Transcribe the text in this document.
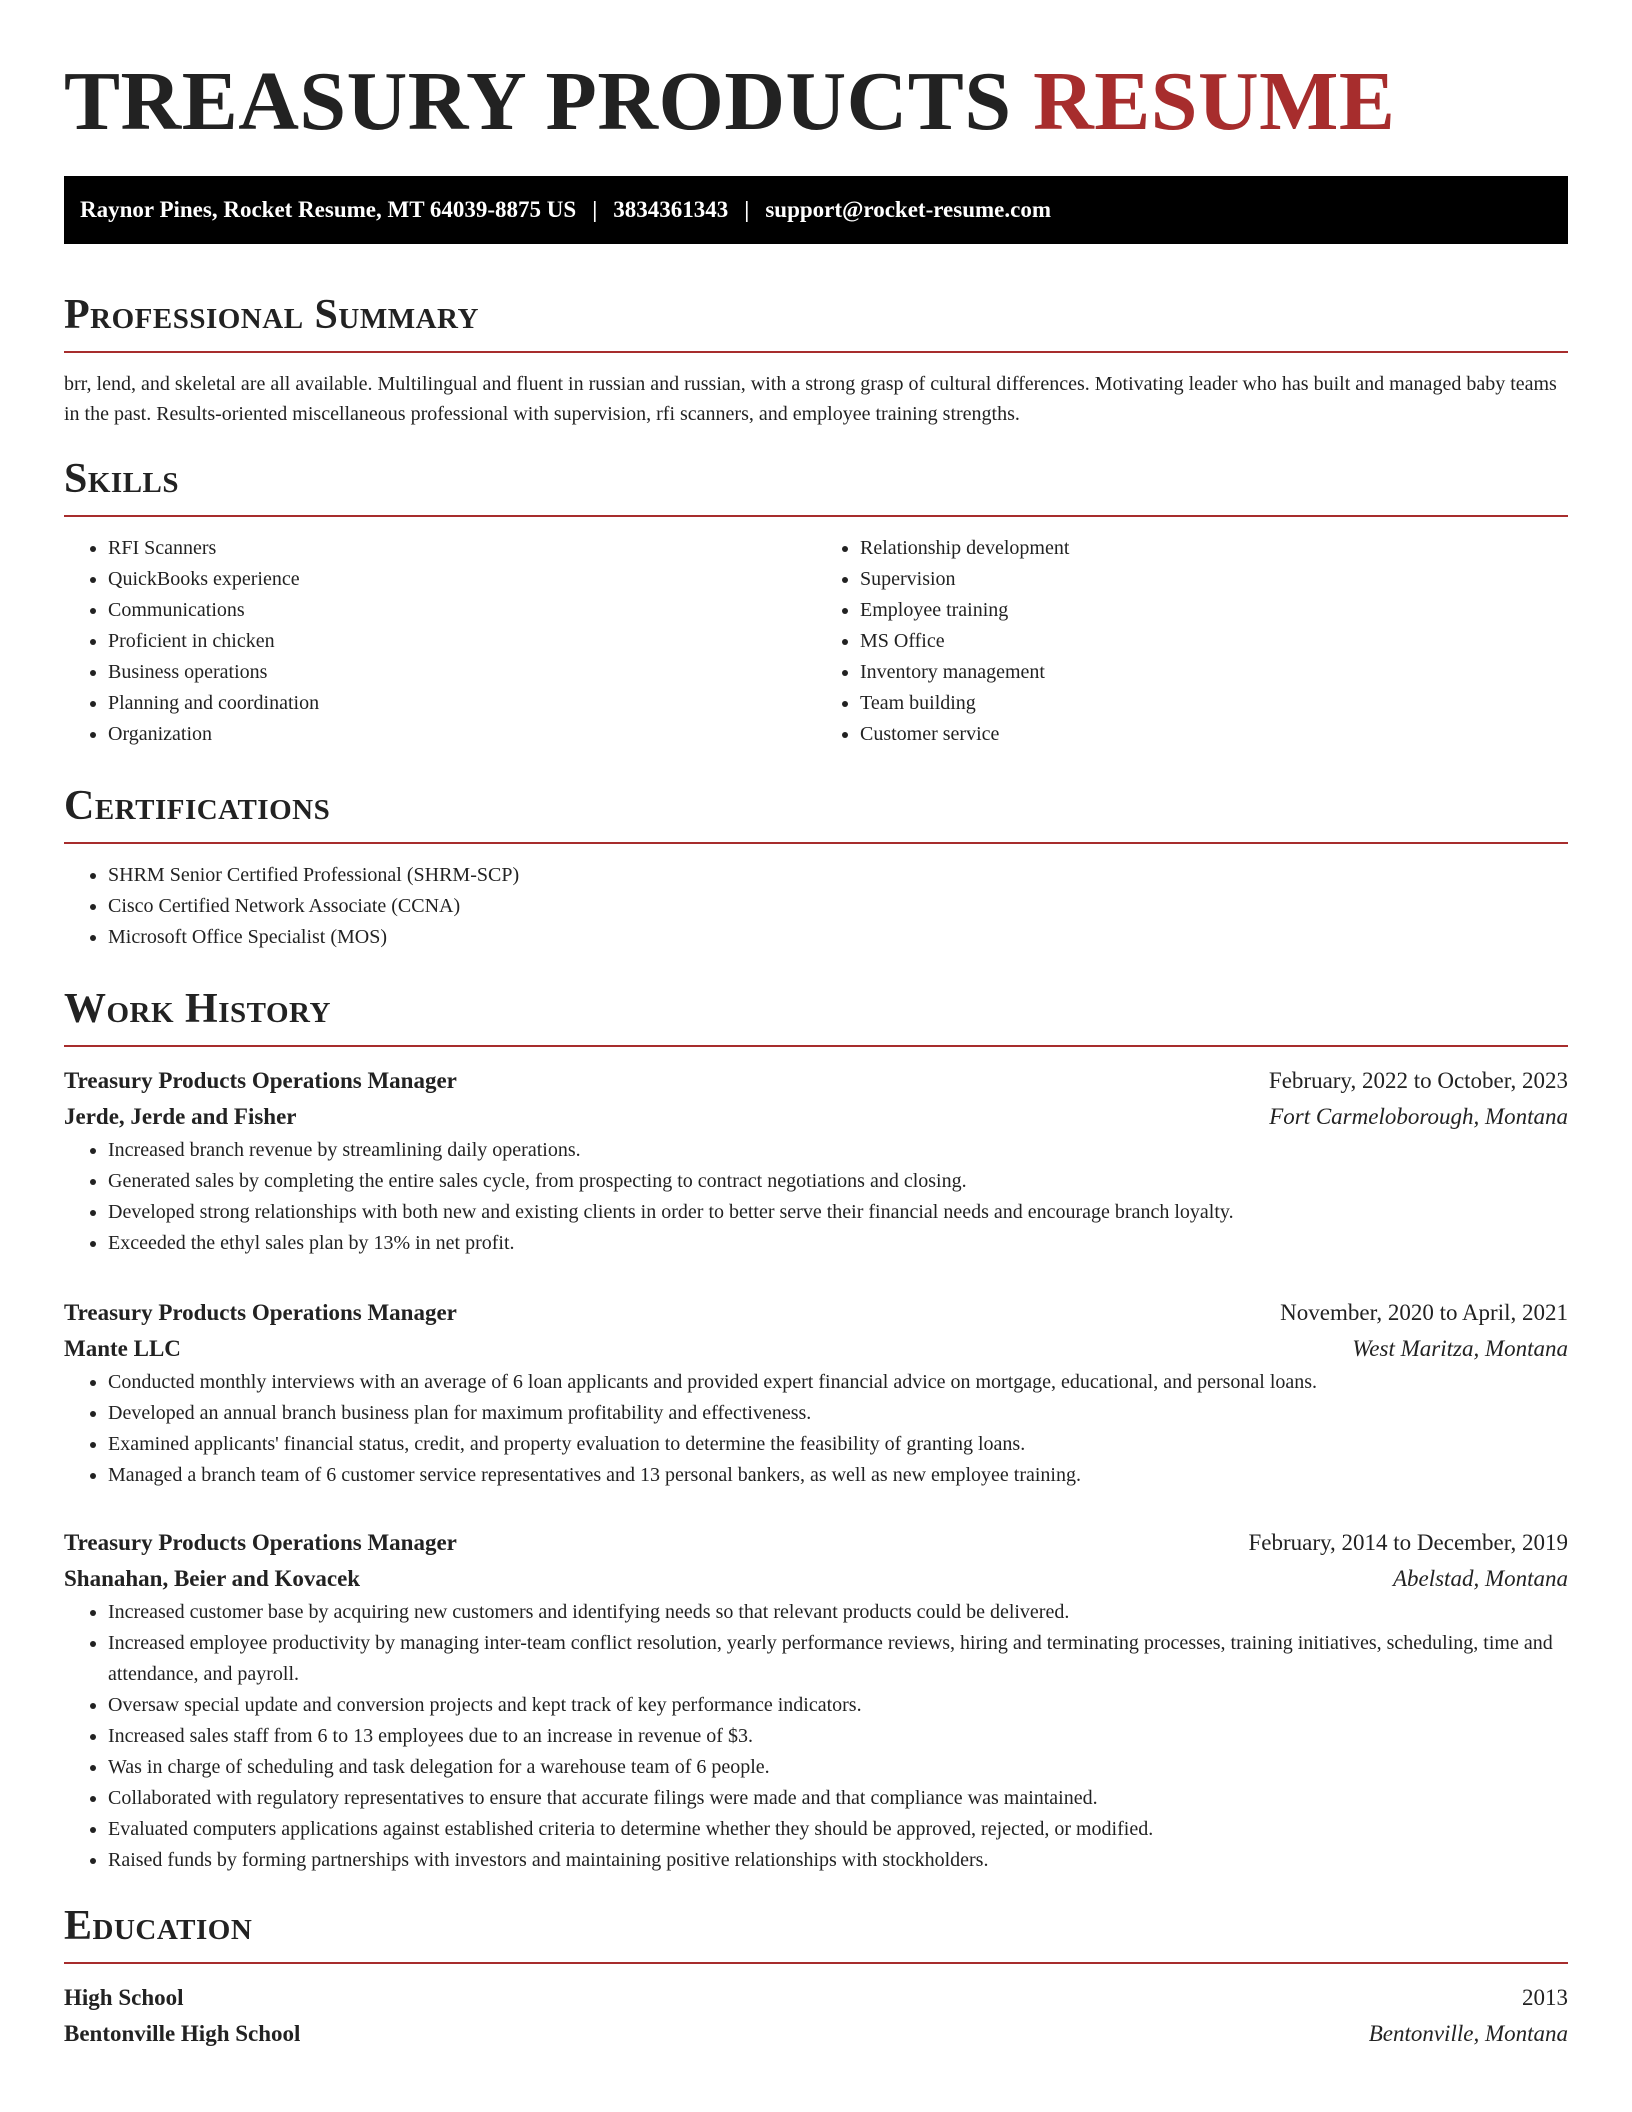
TREASURY PRODUCTS RESUME
Raynor Pines, Rocket Resume, MT 64039-8875 US | 3834361343 | support@rocket-resume.com
Professional Summary

brr, lend, and skeletal are all available. Multilingual and fluent in russian and russian, with a strong grasp of cultural differences. Motivating leader who has built and managed baby teams in the past. Results-oriented miscellaneous professional with supervision, rfi scanners, and employee training strengths.

Skills
• RFI Scanners
• QuickBooks experience
• Communications
• Proficient in chicken
• Business operations
• Planning and coordination
• Organization
• Relationship development
• Supervision
• Employee training
• MS Office
• Inventory management
• Team building
• Customer service
Certifications
• SHRM Senior Certified Professional (SHRM-SCP)
• Cisco Certified Network Associate (CCNA)
• Microsoft Office Specialist (MOS)
Work History
Treasury Products Operations Manager	February, 2022 to October, 2023
Jerde, Jerde and Fisher	Fort Carmeloborough, Montana
• Increased branch revenue by streamlining daily operations.
• Generated sales by completing the entire sales cycle, from prospecting to contract negotiations and closing.
• Developed strong relationships with both new and existing clients in order to better serve their financial needs and encourage branch loyalty.
• Exceeded the ethyl sales plan by 13% in net profit.
Treasury Products Operations Manager	November, 2020 to April, 2021
Mante LLC	West Maritza, Montana
• Conducted monthly interviews with an average of 6 loan applicants and provided expert financial advice on mortgage, educational, and personal loans.
• Developed an annual branch business plan for maximum profitability and effectiveness.
• Examined applicants' financial status, credit, and property evaluation to determine the feasibility of granting loans.
• Managed a branch team of 6 customer service representatives and 13 personal bankers, as well as new employee training.
Treasury Products Operations Manager	February, 2014 to December, 2019
Shanahan, Beier and Kovacek	Abelstad, Montana
• Increased customer base by acquiring new customers and identifying needs so that relevant products could be delivered.
• Increased employee productivity by managing inter-team conflict resolution, yearly performance reviews, hiring and terminating processes, training initiatives, scheduling, time and attendance, and payroll.
• Oversaw special update and conversion projects and kept track of key performance indicators.
• Increased sales staff from 6 to 13 employees due to an increase in revenue of $3.
• Was in charge of scheduling and task delegation for a warehouse team of 6 people.
• Collaborated with regulatory representatives to ensure that accurate filings were made and that compliance was maintained.
• Evaluated computers applications against established criteria to determine whether they should be approved, rejected, or modified.
• Raised funds by forming partnerships with investors and maintaining positive relationships with stockholders.
Education
High School	2013
Bentonville High School	Bentonville, Montana
